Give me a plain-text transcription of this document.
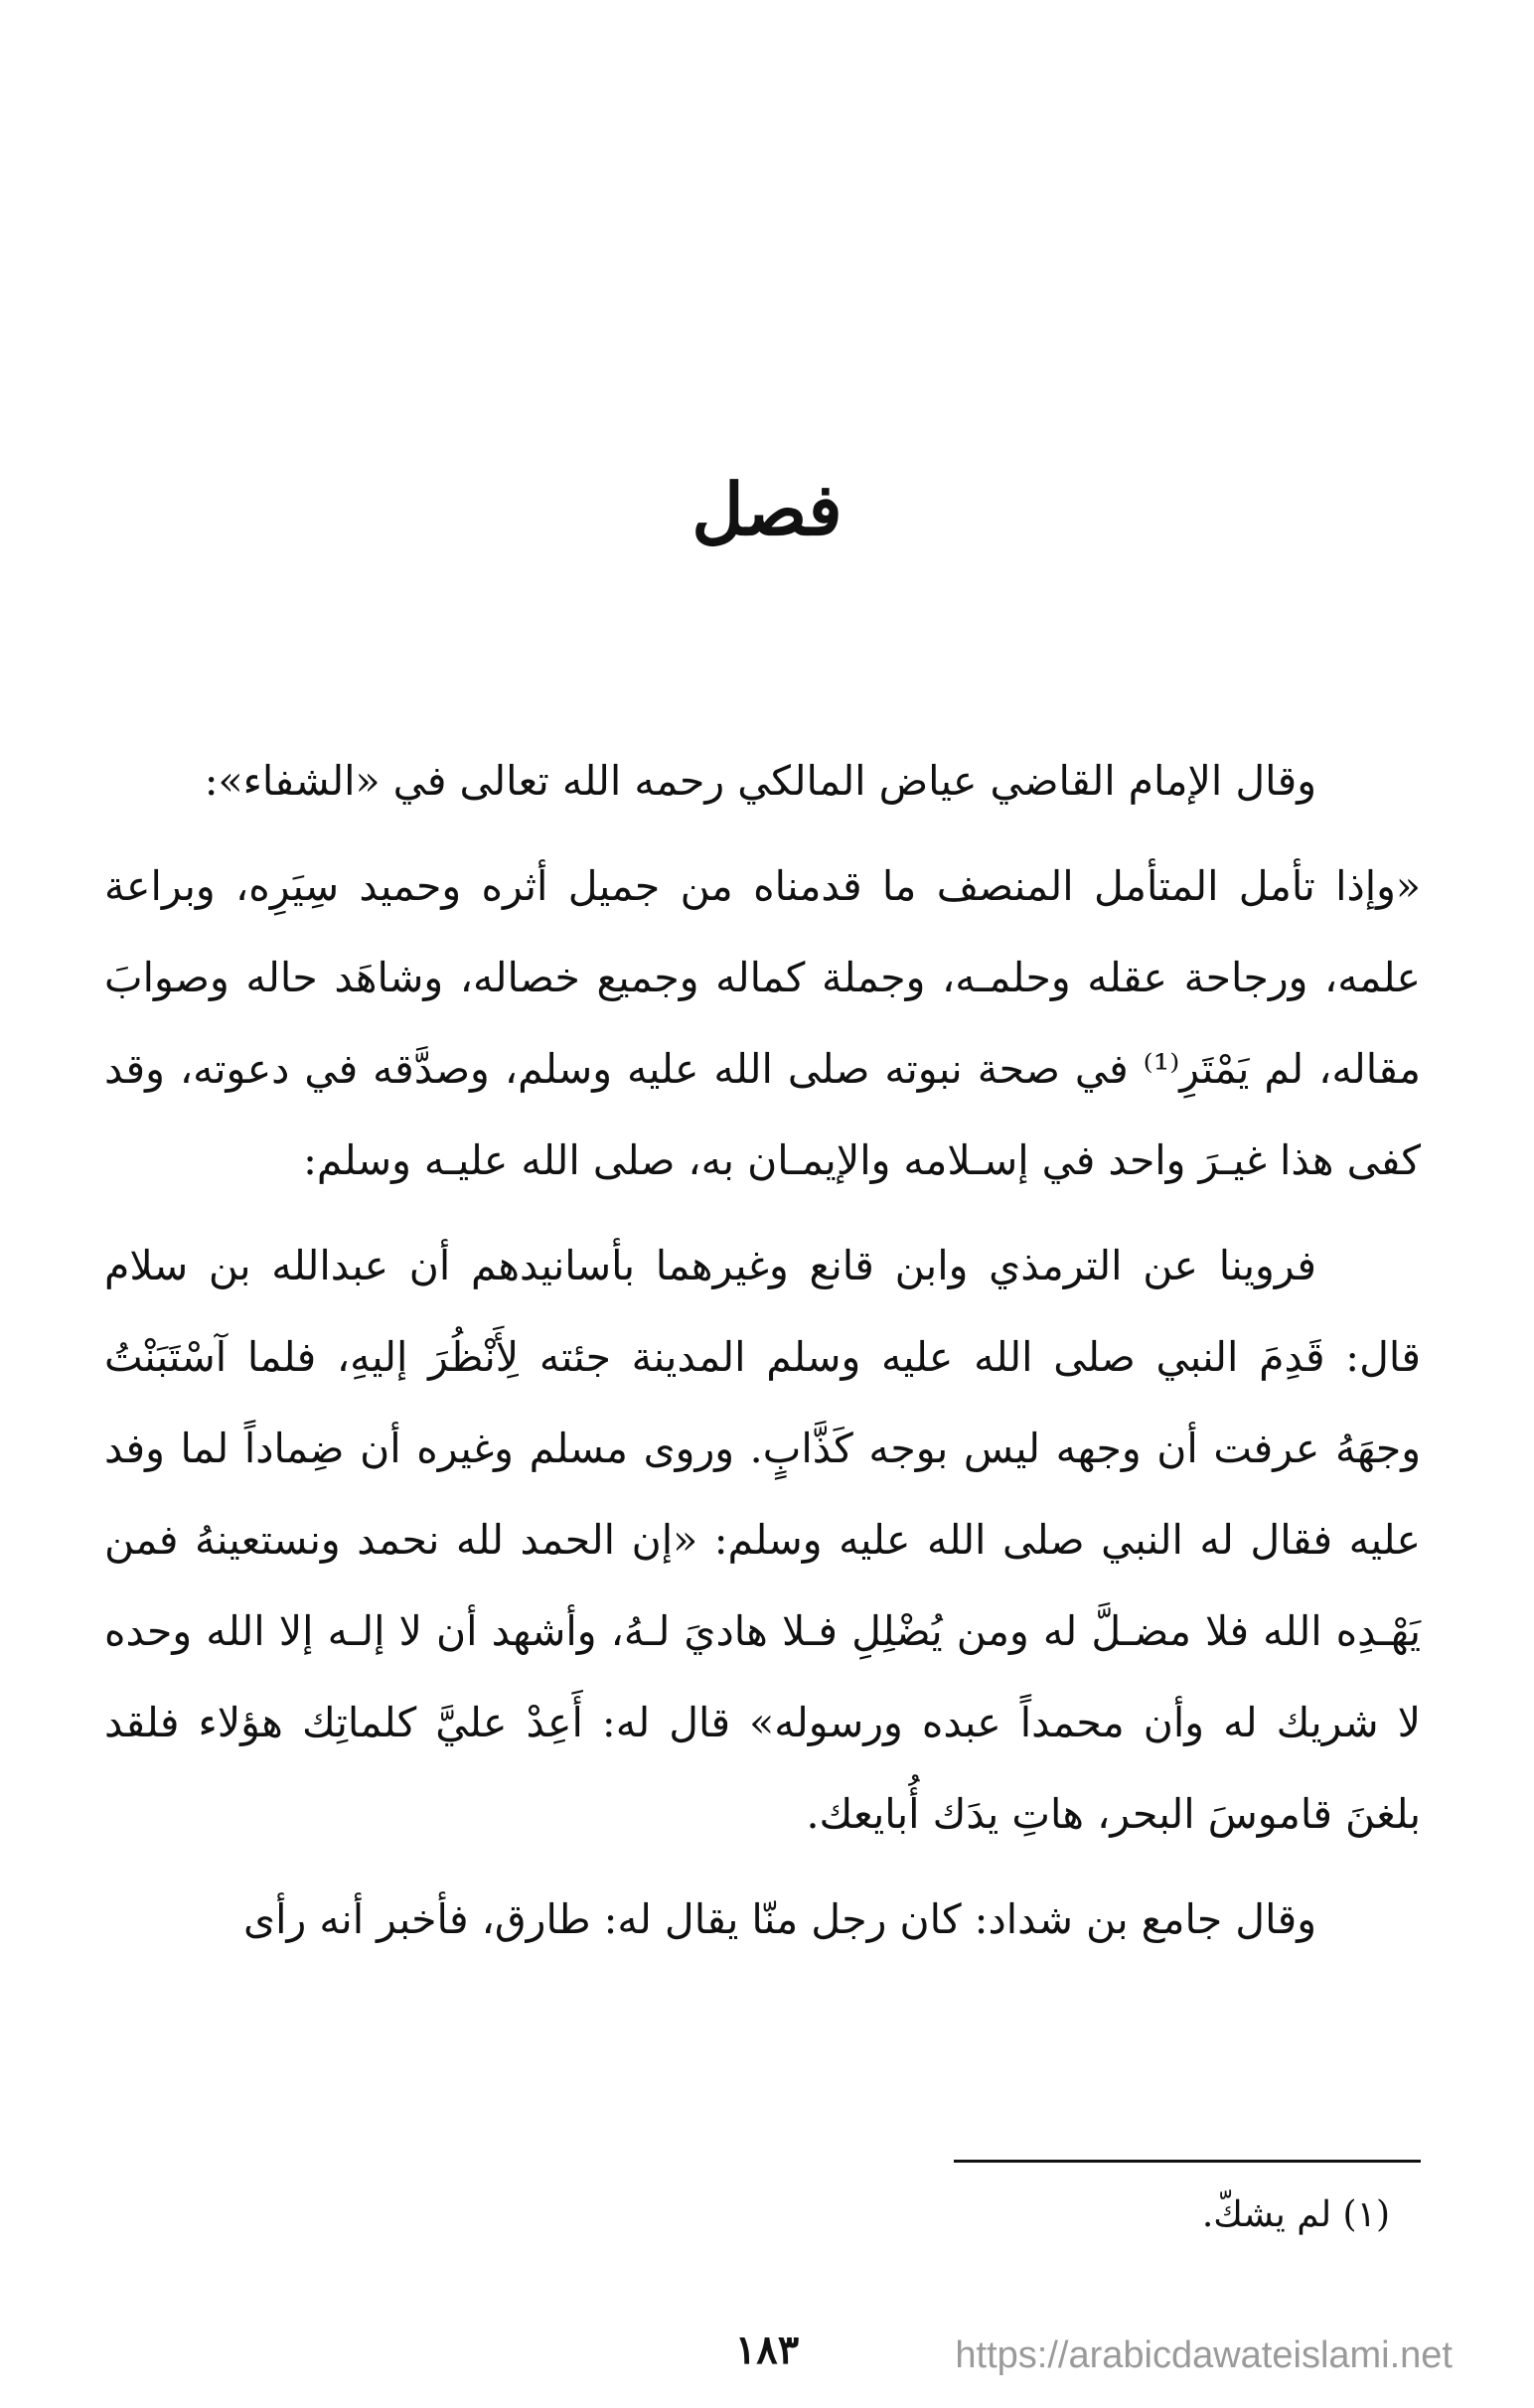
فصل

وقال الإمام القاضي عياض المالكي رحمه الله تعالى في «الشفاء»:

«وإذا تأمل المتأمل المنصف ما قدمناه من جميل أثره وحميد سِيَرِه، وبراعة علمه، ورجاحة عقله وحلمـه، وجملة كماله وجميع خصاله، وشاهَد حاله وصوابَ مقاله، لم يَمْتَرِ⁽¹⁾ في صحة نبوته صلى الله عليه وسلم، وصدَّقه في دعوته، وقد كفى هذا غيـرَ واحد في إسـلامه والإيمـان به، صلى الله عليـه وسلم:

فروينا عن الترمذي وابن قانع وغيرهما بأسانيدهم أن عبدالله بن سلام قال: قَدِمَ النبي صلى الله عليه وسلم المدينة جئته لِأَنْظُرَ إليهِ، فلما آسْتَبَنْتُ وجهَهُ عرفت أن وجهه ليس بوجه كَذَّابٍ. وروى مسلم وغيره أن ضِماداً لما وفد عليه فقال له النبي صلى الله عليه وسلم: «إن الحمد لله نحمد ونستعينهُ فمن يَهْـدِه الله فلا مضـلَّ له ومن يُضْلِلِ فـلا هاديَ لـهُ، وأشهد أن لا إلـه إلا الله وحده لا شريك له وأن محمداً عبده ورسوله» قال له: أَعِدْ عليَّ كلماتِك هؤلاء فلقد بلغنَ قاموسَ البحر، هاتِ يدَك أُبايعك.

وقال جامع بن شداد: كان رجل منّا يقال له: طارق، فأخبر أنه رأى

(١) لم يشكّ.
١٨٣	https://arabicdawateislami.net
